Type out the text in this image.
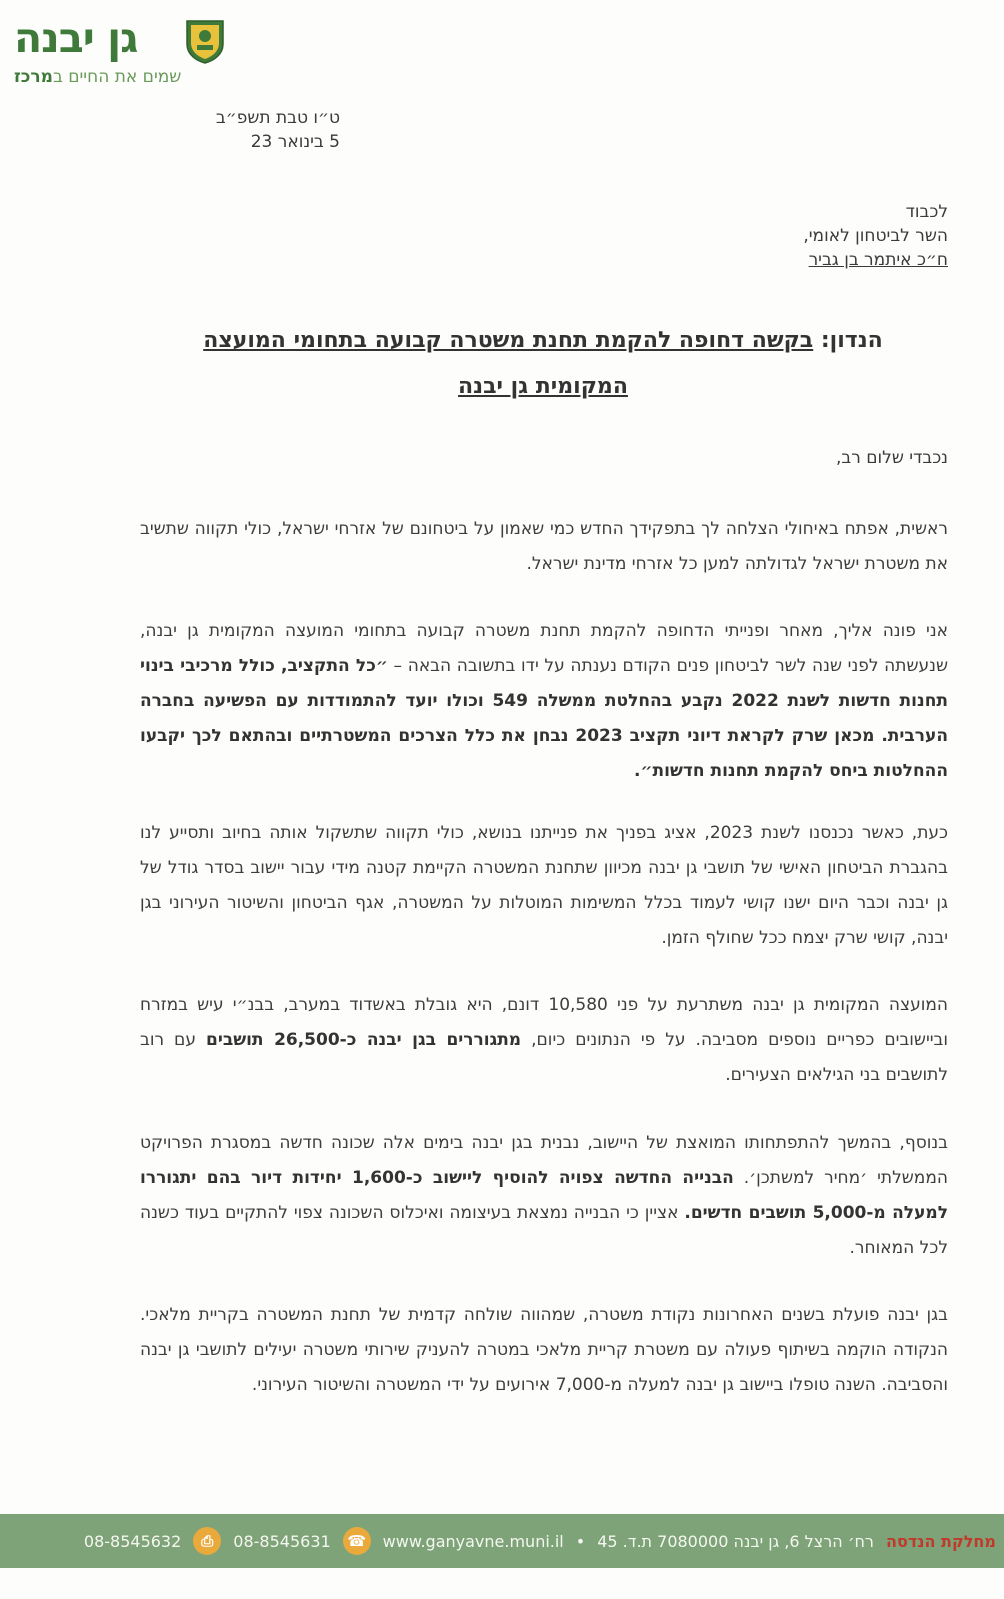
גן יבנה
שמים את החיים במרכז
ט״ו טבת תשפ״ב
5 בינואר 23
לכבוד
השר לביטחון לאומי,
ח״כ איתמר בן גביר
הנדון: בקשה דחופה להקמת תחנת משטרה קבועה בתחומי המועצה
המקומית גן יבנה
נכבדי שלום רב,
ראשית, אפתח באיחולי הצלחה לך בתפקידך החדש כמי שאמון על ביטחונם של אזרחי ישראל, כולי תקווה שתשיב את משטרת ישראל לגדולתה למען כל אזרחי מדינת ישראל.
אני פונה אליך, מאחר ופנייתי הדחופה להקמת תחנת משטרה קבועה בתחומי המועצה המקומית גן יבנה, שנעשתה לפני שנה לשר לביטחון פנים הקודם נענתה על ידו בתשובה הבאה – ״כל התקציב, כולל מרכיבי בינוי תחנות חדשות לשנת 2022 נקבע בהחלטת ממשלה 549 וכולו יועד להתמודדות עם הפשיעה בחברה הערבית. מכאן שרק לקראת דיוני תקציב 2023 נבחן את כלל הצרכים המשטרתיים ובהתאם לכך יקבעו ההחלטות ביחס להקמת תחנות חדשות״.
כעת, כאשר נכנסנו לשנת 2023, אציג בפניך את פנייתנו בנושא, כולי תקווה שתשקול אותה בחיוב ותסייע לנו בהגברת הביטחון האישי של תושבי גן יבנה מכיוון שתחנת המשטרה הקיימת קטנה מידי עבור יישוב בסדר גודל של גן יבנה וכבר היום ישנו קושי לעמוד בכלל המשימות המוטלות על המשטרה, אגף הביטחון והשיטור העירוני בגן יבנה, קושי שרק יצמח ככל שחולף הזמן.
המועצה המקומית גן יבנה משתרעת על פני 10,580 דונם, היא גובלת באשדוד במערב, בבנ״י עיש במזרח וביישובים כפריים נוספים מסביבה. על פי הנתונים כיום, מתגוררים בגן יבנה כ-26,500 תושבים עם רוב לתושבים בני הגילאים הצעירים.
בנוסף, בהמשך להתפתחותו המואצת של היישוב, נבנית בגן יבנה בימים אלה שכונה חדשה במסגרת הפרויקט הממשלתי ׳מחיר למשתכן׳. הבנייה החדשה צפויה להוסיף ליישוב כ-1,600 יחידות דיור בהם יתגוררו למעלה מ-5,000 תושבים חדשים. אציין כי הבנייה נמצאת בעיצומה ואיכלוס השכונה צפוי להתקיים בעוד כשנה לכל המאוחר.
בגן יבנה פועלת בשנים האחרונות נקודת משטרה, שמהווה שולחה קדמית של תחנת המשטרה בקריית מלאכי. הנקודה הוקמה בשיתוף פעולה עם משטרת קריית מלאכי במטרה להעניק שירותי משטרה יעילים לתושבי גן יבנה והסביבה. השנה טופלו ביישוב גן יבנה למעלה מ-7,000 אירועים על ידי המשטרה והשיטור העירוני.
מחלקת הנדסה
רח׳ הרצל 6, גן יבנה 7080000 ת.ד. 45
•
www.ganyavne.muni.il
☎
08-8545631
⎙
08-8545632
